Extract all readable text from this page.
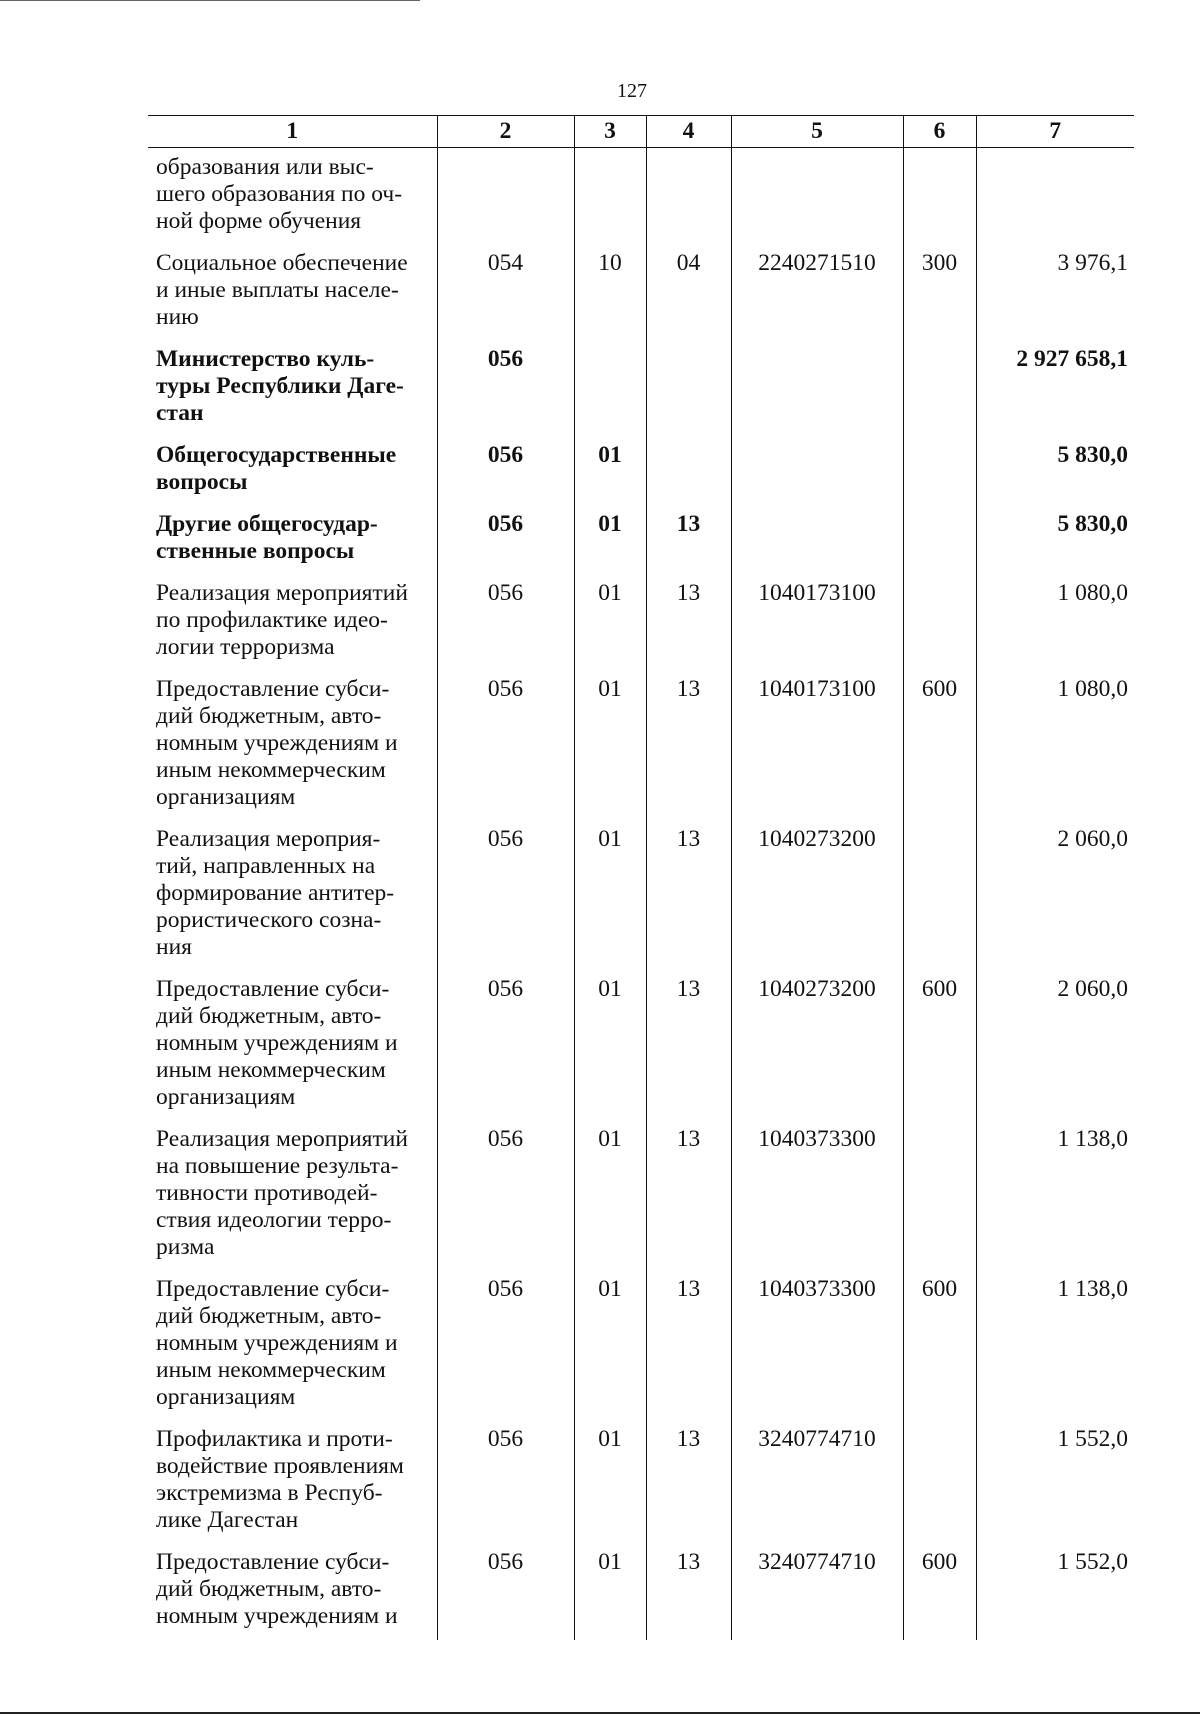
127
1	2	3	4	5	6	7

образования или выс-
шего образования по оч-
ной форме обучения						

Социальное обеспечение
и иные выплаты населе-
нию	054	10	04	2240271510	300	3 976,1

Министерство куль-
туры Республики Даге-
стан	056					2 927 658,1

Общегосударственные
вопросы	056	01				5 830,0

Другие общегосудар-
ственные вопросы	056	01	13			5 830,0

Реализация мероприятий
по профилактике идео-
логии терроризма	056	01	13	1040173100		1 080,0

Предоставление субси-
дий бюджетным, авто-
номным учреждениям и
иным некоммерческим
организациям	056	01	13	1040173100	600	1 080,0

Реализация мероприя-
тий, направленных на
формирование антитер-
рористического созна-
ния	056	01	13	1040273200		2 060,0

Предоставление субси-
дий бюджетным, авто-
номным учреждениям и
иным некоммерческим
организациям	056	01	13	1040273200	600	2 060,0

Реализация мероприятий
на повышение результа-
тивности противодей-
ствия идеологии терро-
ризма	056	01	13	1040373300		1 138,0

Предоставление субси-
дий бюджетным, авто-
номным учреждениям и
иным некоммерческим
организациям	056	01	13	1040373300	600	1 138,0

Профилактика и проти-
водействие проявлениям
экстремизма в Респуб-
лике Дагестан	056	01	13	3240774710		1 552,0

Предоставление субси-
дий бюджетным, авто-
номным учреждениям и	056	01	13	3240774710	600	1 552,0
